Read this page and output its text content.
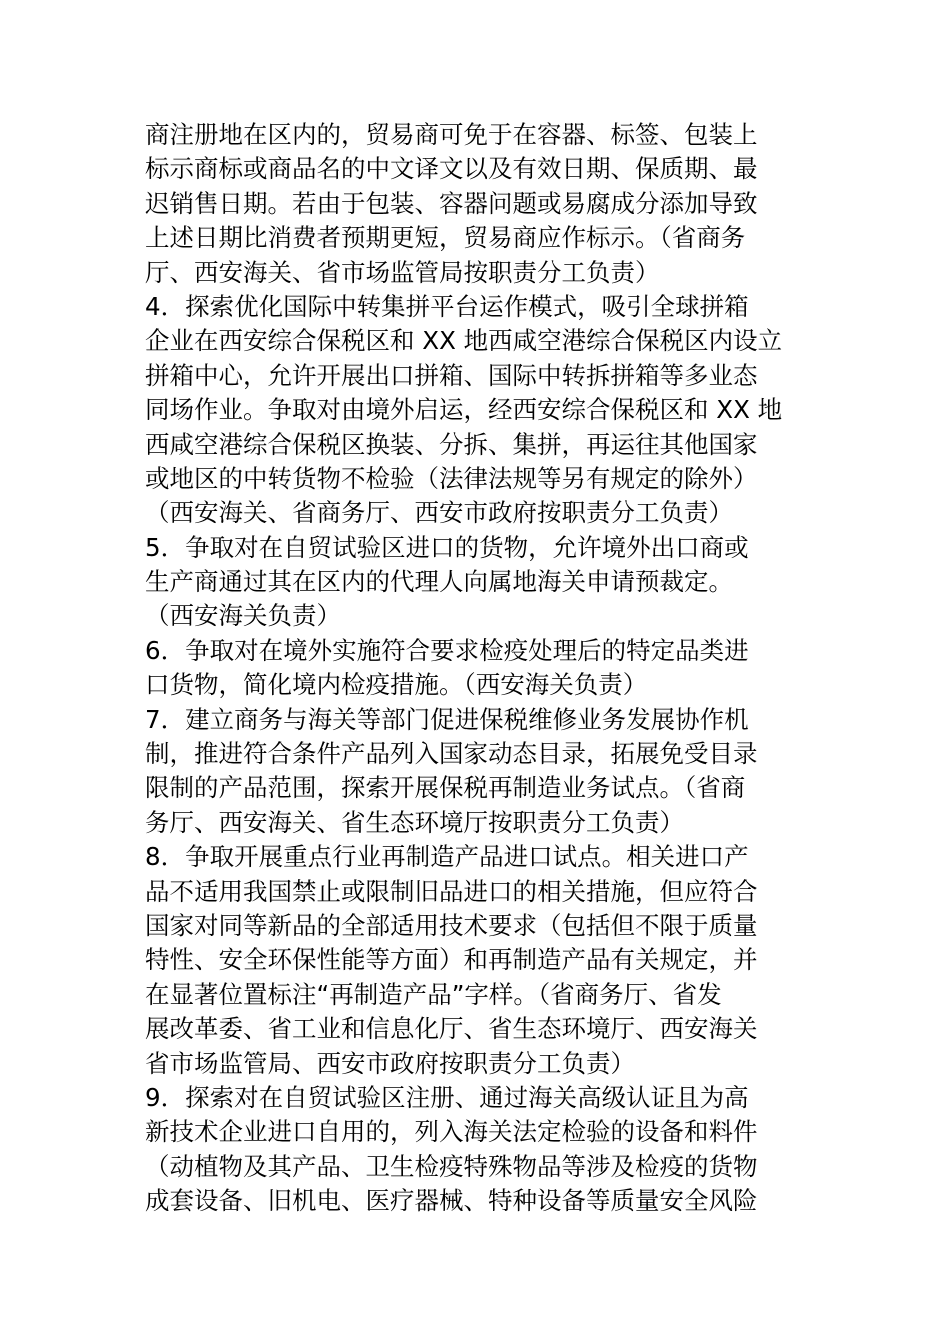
商注册地在区内的，贸易商可免于在容器、标签、包装上
标示商标或商品名的中文译文以及有效日期、保质期、最
迟销售日期。若由于包装、容器问题或易腐成分添加导致
上述日期比消费者预期更短，贸易商应作标示。（省商务
厅、西安海关、省市场监管局按职责分工负责）
4．探索优化国际中转集拼平台运作模式，吸引全球拼箱
企业在西安综合保税区和 XX 地西咸空港综合保税区内设立
拼箱中心，允许开展出口拼箱、国际中转拆拼箱等多业态
同场作业。争取对由境外启运，经西安综合保税区和 XX 地
西咸空港综合保税区换装、分拆、集拼，再运往其他国家
或地区的中转货物不检验（法律法规等另有规定的除外）
（西安海关、省商务厅、西安市政府按职责分工负责）
5．争取对在自贸试验区进口的货物，允许境外出口商或
生产商通过其在区内的代理人向属地海关申请预裁定。
（西安海关负责）
6．争取对在境外实施符合要求检疫处理后的特定品类进
口货物，简化境内检疫措施。（西安海关负责）
7．建立商务与海关等部门促进保税维修业务发展协作机
制，推进符合条件产品列入国家动态目录，拓展免受目录
限制的产品范围，探索开展保税再制造业务试点。（省商
务厅、西安海关、省生态环境厅按职责分工负责）
8．争取开展重点行业再制造产品进口试点。相关进口产
品不适用我国禁止或限制旧品进口的相关措施，但应符合
国家对同等新品的全部适用技术要求（包括但不限于质量
特性、安全环保性能等方面）和再制造产品有关规定，并
在显著位置标注“再制造产品”字样。（省商务厅、省发
展改革委、省工业和信息化厅、省生态环境厅、西安海关
省市场监管局、西安市政府按职责分工负责）
9．探索对在自贸试验区注册、通过海关高级认证且为高
新技术企业进口自用的，列入海关法定检验的设备和料件
（动植物及其产品、卫生检疫特殊物品等涉及检疫的货物
成套设备、旧机电、医疗器械、特种设备等质量安全风险
